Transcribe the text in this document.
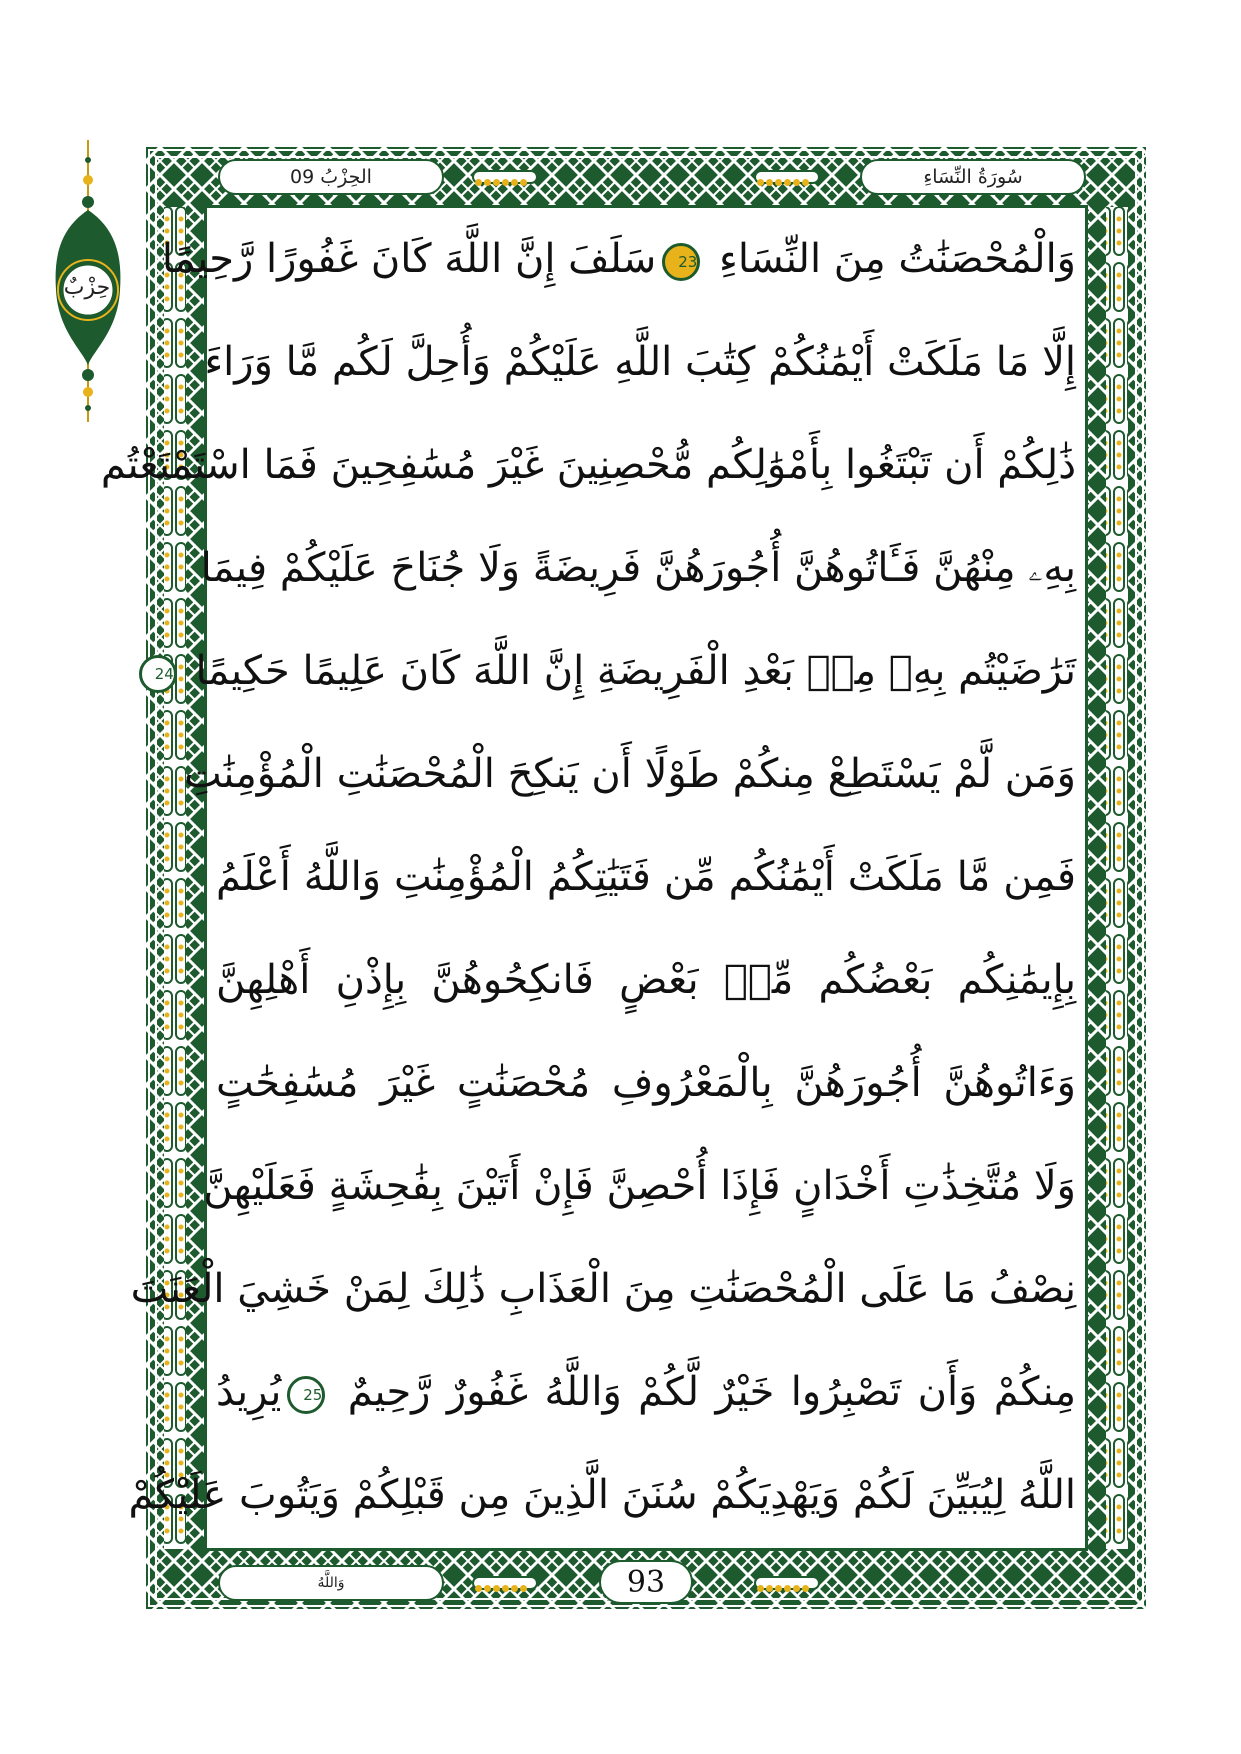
حِزْبٌ
الحِزْبُ 09	سُورَةُ النِّسَاءِ
وَالْمُحْصَنَٰتُ مِنَ النِّسَاءِ 23سَلَفَ إِنَّ اللَّهَ كَانَ غَفُورًا رَّحِيمًا
إِلَّا مَا مَلَكَتْ أَيْمَٰنُكُمْ كِتَٰبَ اللَّهِ عَلَيْكُمْ وَأُحِلَّ لَكُم مَّا وَرَاءَ
ذَٰلِكُمْ أَن تَبْتَغُوا بِأَمْوَٰلِكُم مُّحْصِنِينَ غَيْرَ مُسَٰفِحِينَ فَمَا اسْتَمْتَعْتُم
بِهِۦ مِنْهُنَّ فَـَٔاتُوهُنَّ أُجُورَهُنَّ فَرِيضَةً وَلَا جُنَاحَ عَلَيْكُمْ فِيمَا
تَرَٰضَيْتُم بِهِۦ مِنۢ بَعْدِ الْفَرِيضَةِ إِنَّ اللَّهَ كَانَ عَلِيمًا حَكِيمًا 24
وَمَن لَّمْ يَسْتَطِعْ مِنكُمْ طَوْلًا أَن يَنكِحَ الْمُحْصَنَٰتِ الْمُؤْمِنَٰتِ
فَمِن مَّا مَلَكَتْ أَيْمَٰنُكُم مِّن فَتَيَٰتِكُمُ الْمُؤْمِنَٰتِ وَاللَّهُ أَعْلَمُ
بِإِيمَٰنِكُم بَعْضُكُم مِّنۢ بَعْضٍ فَانكِحُوهُنَّ بِإِذْنِ أَهْلِهِنَّ
وَءَاتُوهُنَّ أُجُورَهُنَّ بِالْمَعْرُوفِ مُحْصَنَٰتٍ غَيْرَ مُسَٰفِحَٰتٍ
وَلَا مُتَّخِذَٰتِ أَخْدَانٍ فَإِذَا أُحْصِنَّ فَإِنْ أَتَيْنَ بِفَٰحِشَةٍ فَعَلَيْهِنَّ
نِصْفُ مَا عَلَى الْمُحْصَنَٰتِ مِنَ الْعَذَابِ ذَٰلِكَ لِمَنْ خَشِيَ الْعَنَتَ
مِنكُمْ وَأَن تَصْبِرُوا خَيْرٌ لَّكُمْ وَاللَّهُ غَفُورٌ رَّحِيمٌ 25يُرِيدُ
اللَّهُ لِيُبَيِّنَ لَكُمْ وَيَهْدِيَكُمْ سُنَنَ الَّذِينَ مِن قَبْلِكُمْ وَيَتُوبَ عَلَيْكُمْ
وَاللَّهُ	93
